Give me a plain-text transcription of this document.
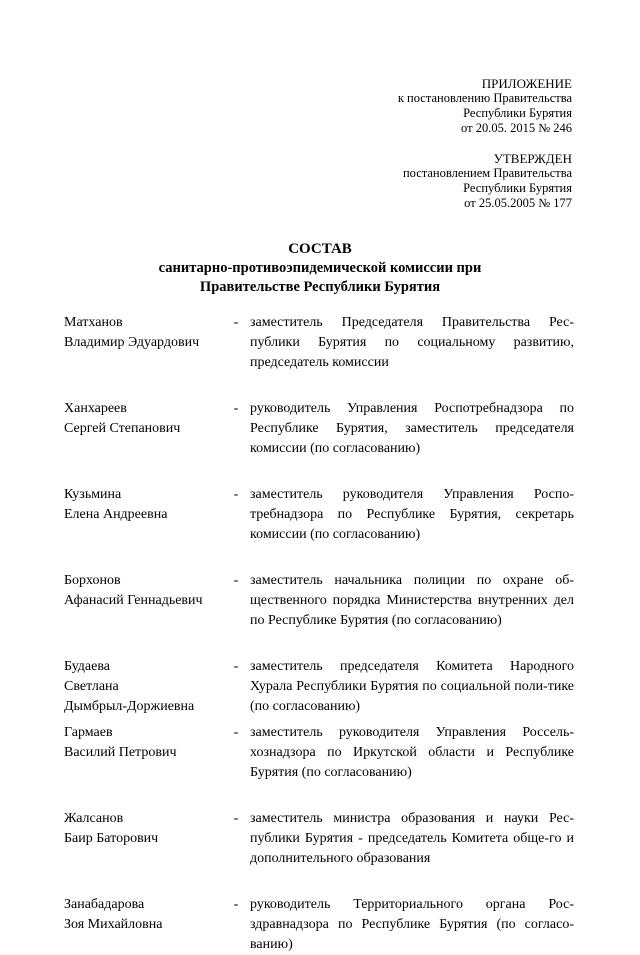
ПРИЛОЖЕНИЕ
к постановлению Правительства
Республики Бурятия
от 20.05. 2015 № 246
УТВЕРЖДЕН
постановлением Правительства
Республики Бурятия
от 25.05.2005 № 177
СОСТАВ
санитарно-противоэпидемической комиссии при
Правительстве Республики Бурятия
Матханов
Владимир Эдуардович
- заместитель Председателя Правительства Рес-публики Бурятия по социальному развитию, председатель комиссии
Ханхареев
Сергей Степанович
- руководитель Управления Роспотребнадзора по Республике Бурятия, заместитель председателя комиссии (по согласованию)
Кузьмина
Елена Андреевна
- заместитель руководителя Управления Роспо-требнадзора по Республике Бурятия, секретарь комиссии (по согласованию)
Борхонов
Афанасий Геннадьевич
- заместитель начальника полиции по охране об-щественного порядка Министерства внутренних дел по Республике Бурятия (по согласованию)
Будаева
Светлана
Дымбрыл-Доржиевна
- заместитель председателя Комитета Народного Хурала Республики Бурятия по социальной поли-тике (по согласованию)
Гармаев
Василий Петрович
- заместитель руководителя Управления Россель-хознадзора по Иркутской области и Республике Бурятия (по согласованию)
Жалсанов
Баир Баторович
- заместитель министра образования и науки Рес-публики Бурятия - председатель Комитета обще-го и дополнительного образования
Занабадарова
Зоя Михайловна
- руководитель Территориального органа Рос-здравнадзора по Республике Бурятия (по согласо-ванию)
